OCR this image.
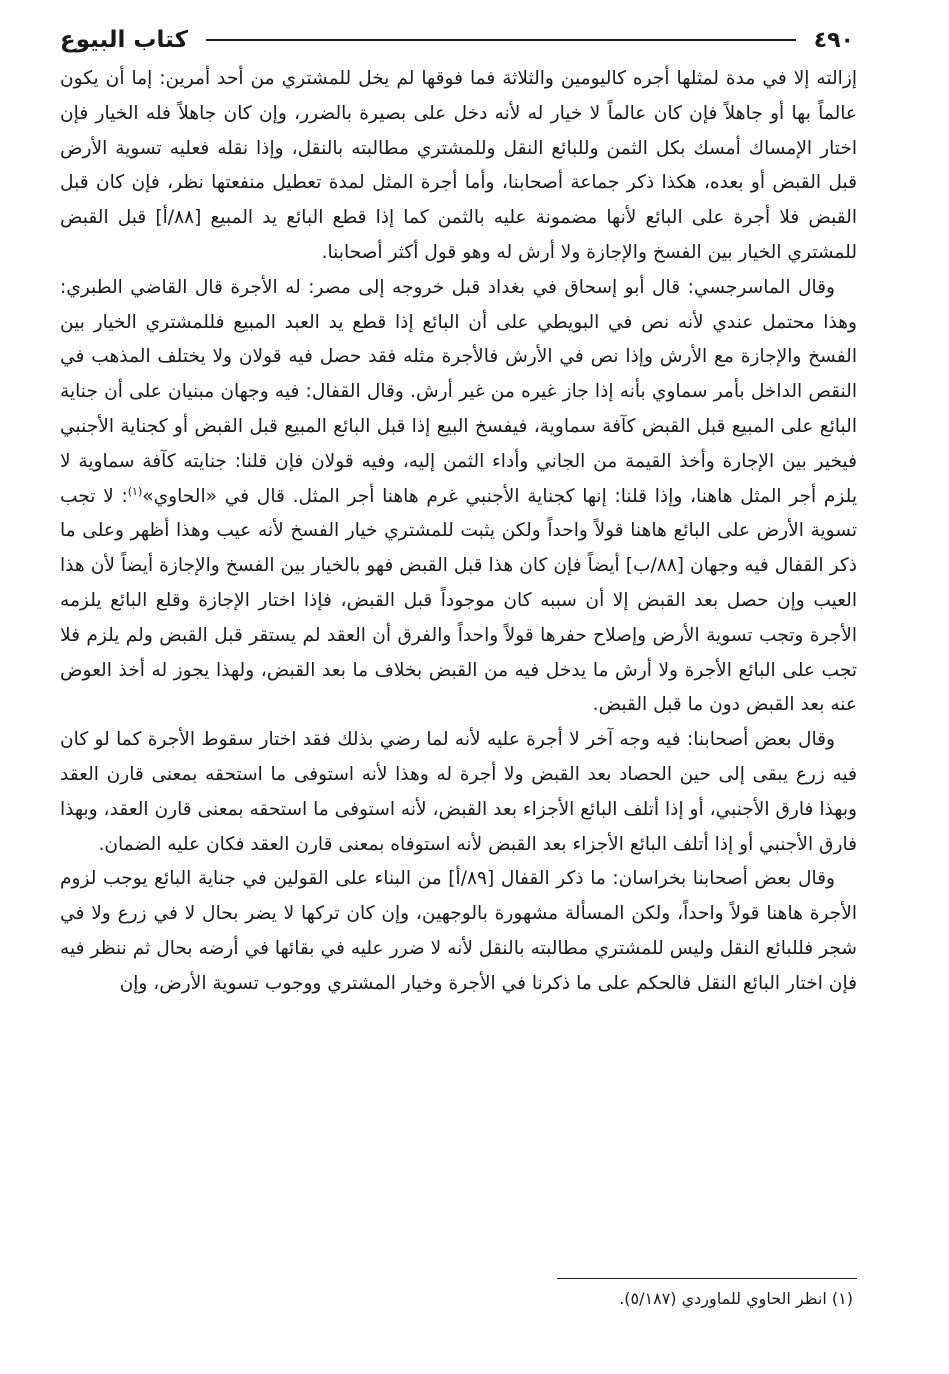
٤٩٠
كتاب البيوع

إزالته إلا في مدة لمثلها أجره كاليومين والثلاثة فما فوقها لم يخل للمشتري من أحد أمرين: إما أن يكون عالماً بها أو جاهلاً فإن كان عالماً لا خيار له لأنه دخل على بصيرة بالضرر، وإن كان جاهلاً فله الخيار فإن اختار الإمساك أمسك بكل الثمن وللبائع النقل وللمشتري مطالبته بالنقل، وإذا نقله فعليه تسوية الأرض قبل القبض أو بعده، هكذا ذكر جماعة أصحابنا، وأما أجرة المثل لمدة تعطيل منفعتها نظر، فإن كان قبل القبض فلا أجرة على البائع لأنها مضمونة عليه بالثمن كما إذا قطع البائع يد المبيع [٨٨/أ] قبل القبض للمشتري الخيار بين الفسخ والإجازة ولا أرش له وهو قول أكثر أصحابنا.

وقال الماسرجسي: قال أبو إسحاق في بغداد قبل خروجه إلى مصر: له الأجرة قال القاضي الطبري: وهذا محتمل عندي لأنه نص في البويطي على أن البائع إذا قطع يد العبد المبيع فللمشتري الخيار بين الفسخ والإجازة مع الأرش وإذا نص في الأرش فالأجرة مثله فقد حصل فيه قولان ولا يختلف المذهب في النقص الداخل بأمر سماوي بأنه إذا جاز غيره من غير أرش. وقال القفال: فيه وجهان مبنيان على أن جناية البائع على المبيع قبل القبض كآفة سماوية، فيفسخ البيع إذا قبل البائع المبيع قبل القبض أو كجناية الأجنبي فيخير بين الإجارة وأخذ القيمة من الجاني وأداء الثمن إليه، وفيه قولان فإن قلنا: جنايته كآفة سماوية لا يلزم أجر المثل هاهنا، وإذا قلنا: إنها كجناية الأجنبي غرم هاهنا أجر المثل. قال في «الحاوي»$^{(١)}$: لا تجب تسوية الأرض على البائع هاهنا قولاً واحداً ولكن يثبت للمشتري خيار الفسخ لأنه عيب وهذا أظهر وعلى ما ذكر القفال فيه وجهان [٨٨/ب] أيضاً فإن كان هذا قبل القبض فهو بالخيار بين الفسخ والإجازة أيضاً لأن هذا العيب وإن حصل بعد القبض إلا أن سببه كان موجوداً قبل القبض، فإذا اختار الإجازة وقلع البائع يلزمه الأجرة وتجب تسوية الأرض وإصلاح حفرها قولاً واحداً والفرق أن العقد لم يستقر قبل القبض ولم يلزم فلا تجب على البائع الأجرة ولا أرش ما يدخل فيه من القبض بخلاف ما بعد القبض، ولهذا يجوز له أخذ العوض عنه بعد القبض دون ما قبل القبض.

وقال بعض أصحابنا: فيه وجه آخر لا أجرة عليه لأنه لما رضي بذلك فقد اختار سقوط الأجرة كما لو كان فيه زرع يبقى إلى حين الحصاد بعد القبض ولا أجرة له وهذا لأنه استوفى ما استحقه بمعنى قارن العقد وبهذا فارق الأجنبي، أو إذا أتلف البائع الأجزاء بعد القبض، لأنه استوفى ما استحقه بمعنى قارن العقد، وبهذا فارق الأجنبي أو إذا أتلف البائع الأجزاء بعد القبض لأنه استوفاه بمعنى قارن العقد فكان عليه الضمان.

وقال بعض أصحابنا بخراسان: ما ذكر القفال [٨٩/أ] من البناء على القولين في جناية البائع يوجب لزوم الأجرة هاهنا قولاً واحداً، ولكن المسألة مشهورة بالوجهين، وإن كان تركها لا يضر بحال لا في زرع ولا في شجر فللبائع النقل وليس للمشتري مطالبته بالنقل لأنه لا ضرر عليه في بقائها في أرضه بحال ثم ننظر فيه فإن اختار البائع النقل فالحكم على ما ذكرنا في الأجرة وخيار المشتري ووجوب تسوية الأرض، وإن

(١) انظر الحاوي للماوردي (٥/١٨٧).
